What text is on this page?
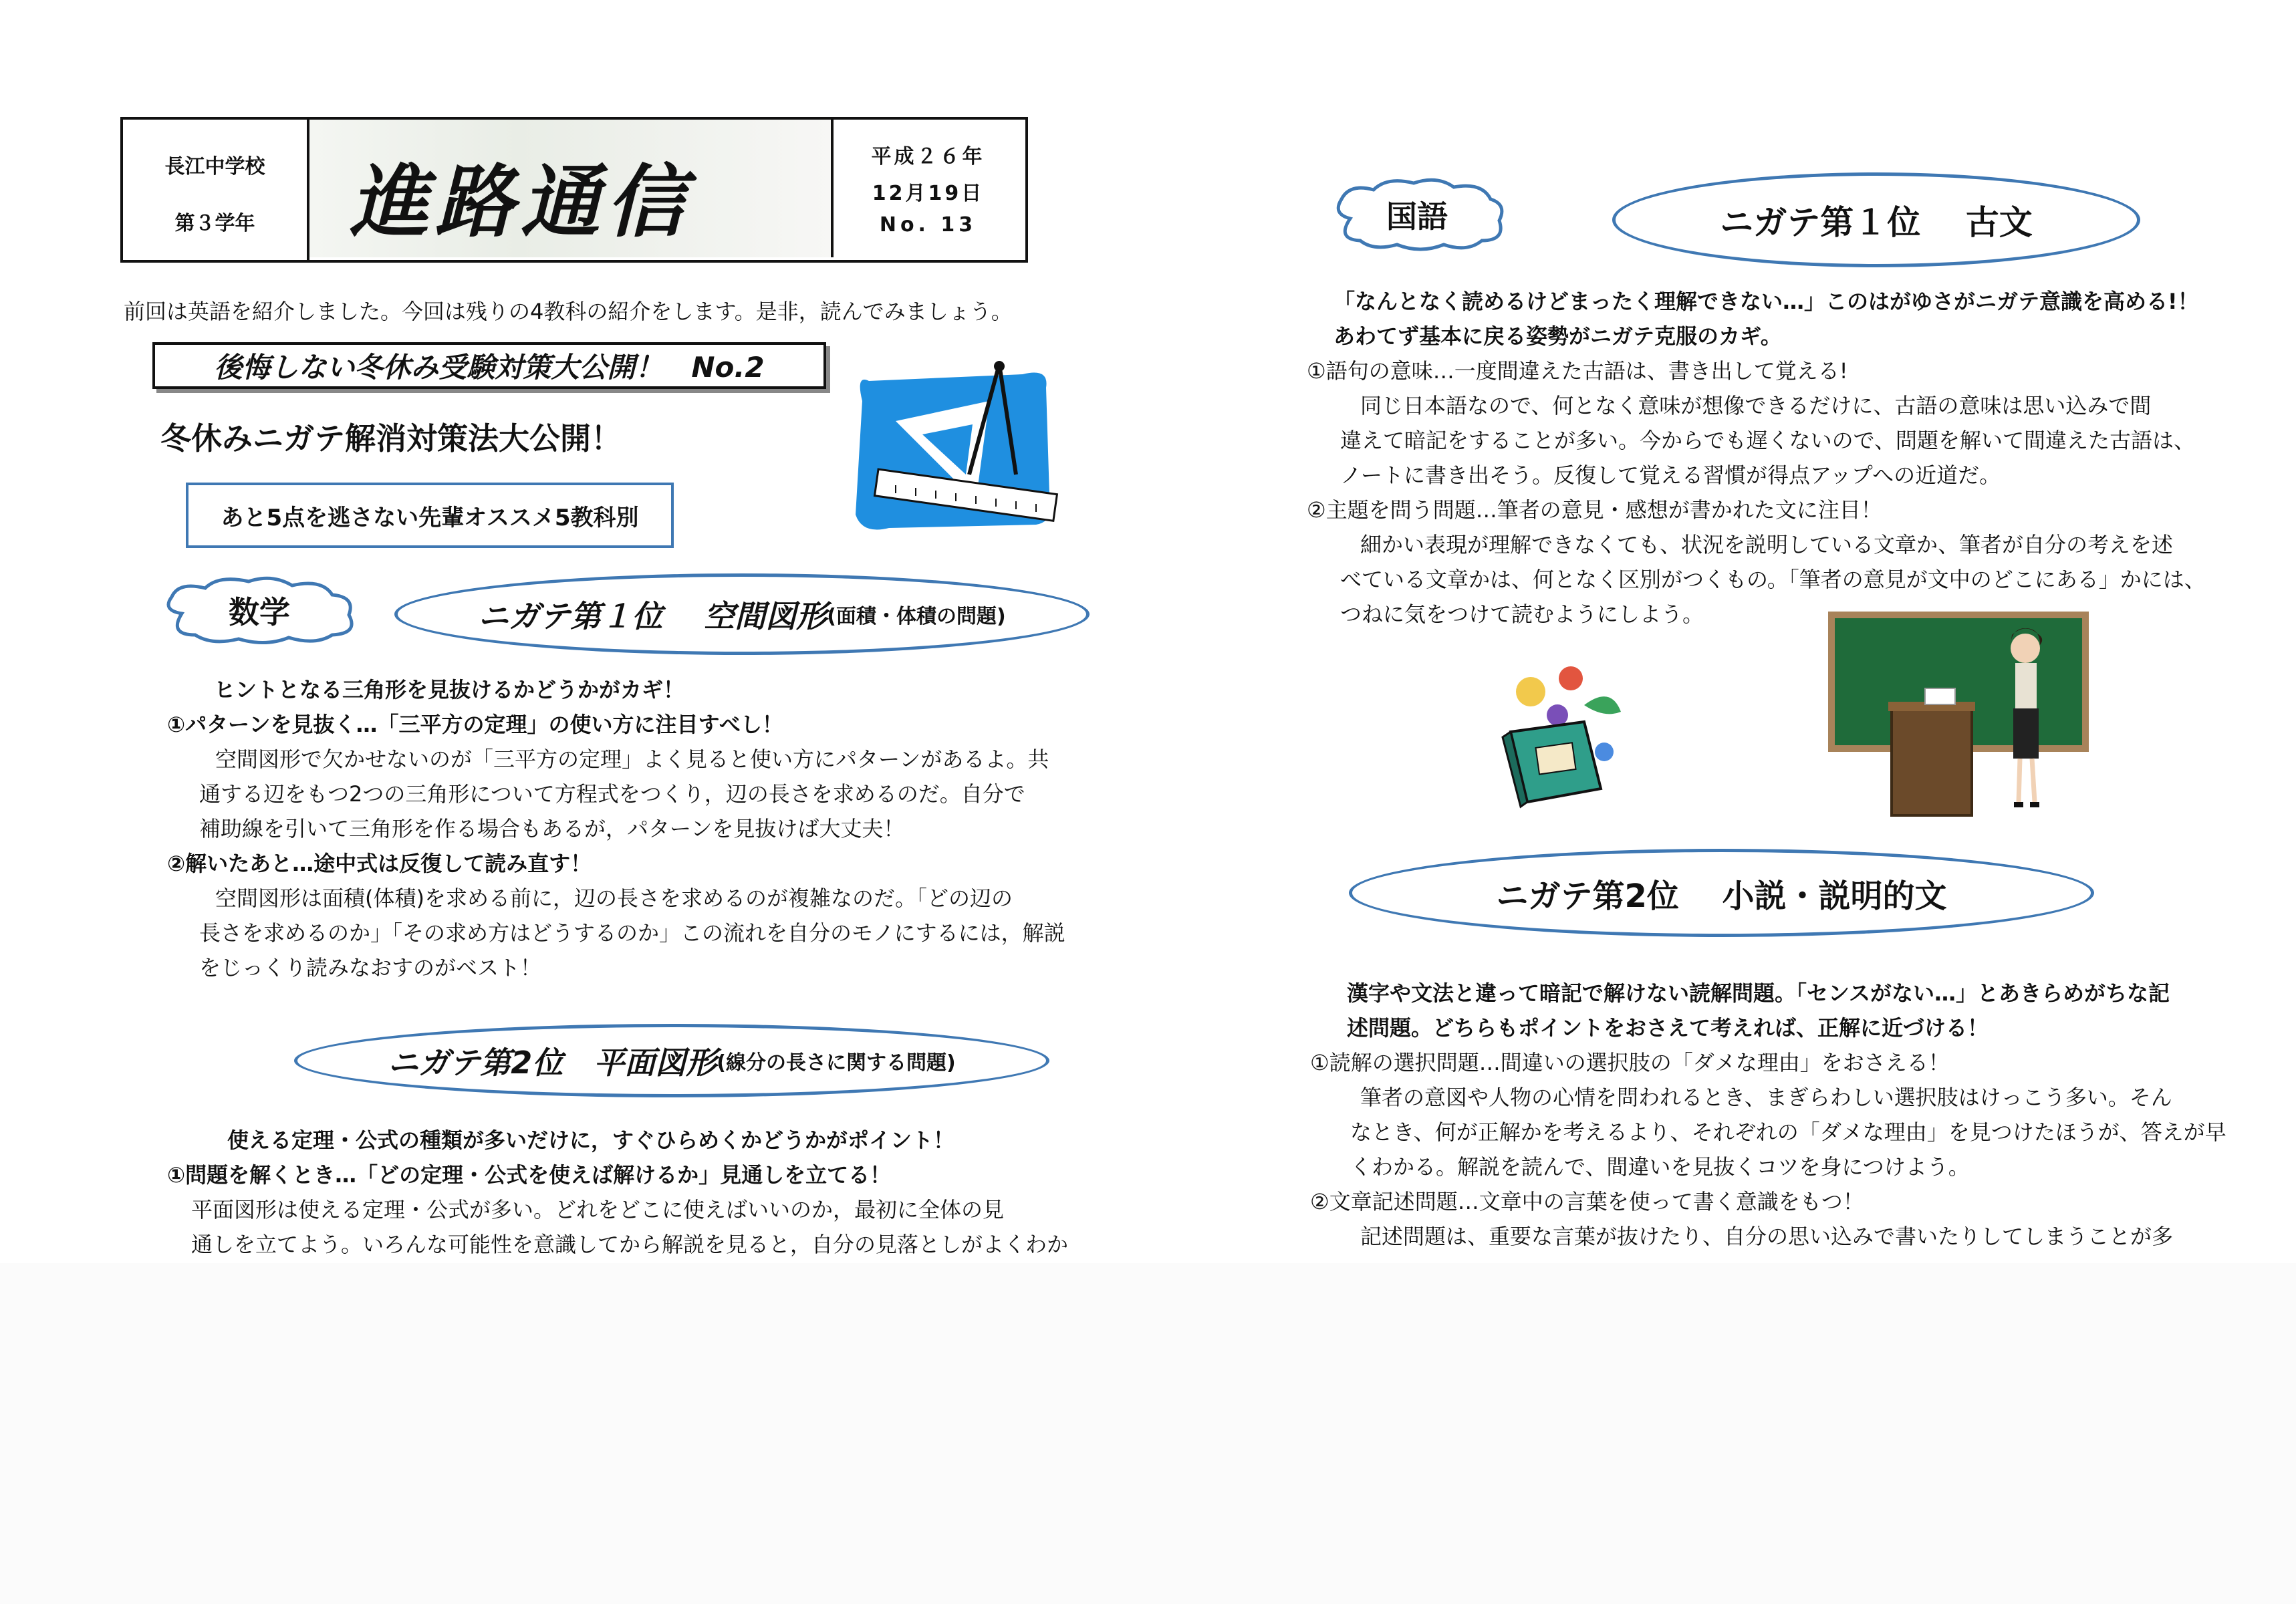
長江中学校
第３学年	進路通信	平成２６年
12月19日
No. 13
前回は英語を紹介しました。今回は残りの4教科の紹介をします。是非，読んでみましょう。
後悔しない冬休み受験対策大公開！　No.2
冬休みニガテ解消対策法大公開！
あと5点を逃さない先輩オススメ5教科別
数学	ニガテ第１位　 空間図形 (面積・体積の問題)
ヒントとなる三角形を見抜けるかどうかがカギ！
①パターンを見抜く…「三平方の定理」の使い方に注目すべし！
空間図形で欠かせないのが「三平方の定理」よく見ると使い方にパターンがあるよ。共
通する辺をもつ2つの三角形について方程式をつくり，辺の長さを求めるのだ。自分で
補助線を引いて三角形を作る場合もあるが，パターンを見抜けば大丈夫！
②解いたあと…途中式は反復して読み直す！
空間図形は面積(体積)を求める前に，辺の長さを求めるのが複雑なのだ。「どの辺の
長さを求めるのか」「その求め方はどうするのか」この流れを自分のモノにするには，解説
をじっくり読みなおすのがベスト！
ニガテ第2位　平面図形 (線分の長さに関する問題)
使える定理・公式の種類が多いだけに，すぐひらめくかどうかがポイント！
①問題を解くとき…「どの定理・公式を使えば解けるか」見通しを立てる！
平面図形は使える定理・公式が多い。どれをどこに使えばいいのか，最初に全体の見
通しを立てよう。いろんな可能性を意識してから解説を見ると，自分の見落としがよくわか
国語	ニガテ第１位　 古文
「なんとなく読めるけどまったく理解できない…」このはがゆさがニガテ意識を高める!！
あわてず基本に戻る姿勢がニガテ克服のカギ。
①語句の意味…一度間違えた古語は、書き出して覚える!
同じ日本語なので、何となく意味が想像できるだけに、古語の意味は思い込みで間
違えて暗記をすることが多い。今からでも遅くないので、問題を解いて間違えた古語は、
ノートに書き出そう。反復して覚える習慣が得点アップへの近道だ。
②主題を問う問題…筆者の意見・感想が書かれた文に注目！
細かい表現が理解できなくても、状況を説明している文章か、筆者が自分の考えを述
べている文章かは、何となく区別がつくもの。「筆者の意見が文中のどこにある」かには、
つねに気をつけて読むようにしよう。
ニガテ第2位　 小説・説明的文
漢字や文法と違って暗記で解けない読解問題。「センスがない…」とあきらめがちな記
述問題。どちらもポイントをおさえて考えれば、正解に近づける！
①読解の選択問題…間違いの選択肢の「ダメな理由」をおさえる！
筆者の意図や人物の心情を問われるとき、まぎらわしい選択肢はけっこう多い。そん
なとき、何が正解かを考えるより、それぞれの「ダメな理由」を見つけたほうが、答えが早
くわかる。解説を読んで、間違いを見抜くコツを身につけよう。
②文章記述問題…文章中の言葉を使って書く意識をもつ！
記述問題は、重要な言葉が抜けたり、自分の思い込みで書いたりしてしまうことが多
